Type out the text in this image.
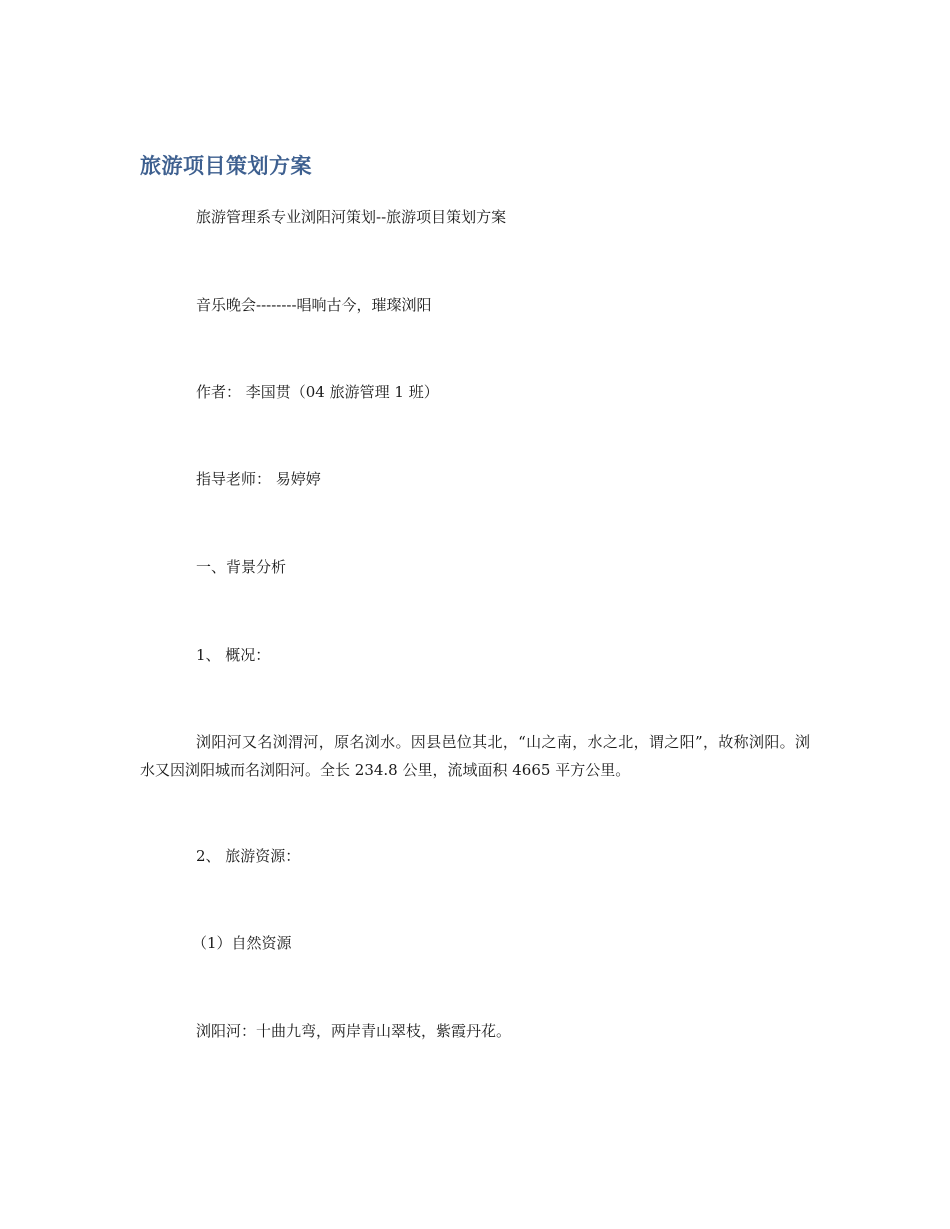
旅游项目策划方案

旅游管理系专业浏阳河策划--旅游项目策划方案

音乐晚会--------唱响古今，璀璨浏阳

作者： 李国贯（04 旅游管理 1 班）

指导老师： 易婷婷

一、背景分析

1、 概况：

浏阳河又名浏渭河，原名浏水。因县邑位其北，“山之南，水之北，谓之阳”，故称浏阳。浏水又因浏阳城而名浏阳河。全长 234.8 公里，流域面积 4665 平方公里。

2、 旅游资源：

（1）自然资源

浏阳河：十曲九弯，两岸青山翠枝，紫霞丹花。
